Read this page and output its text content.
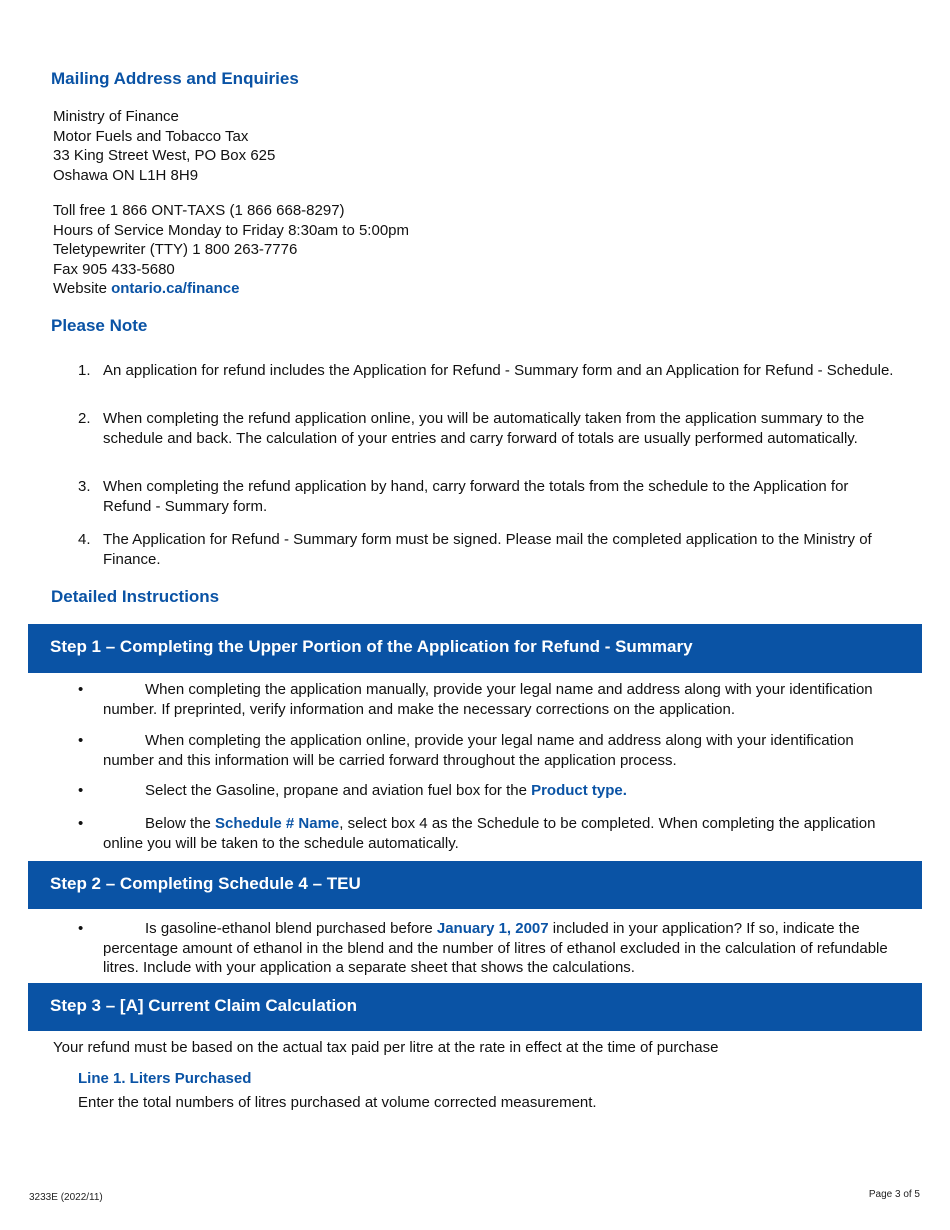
Mailing Address and Enquiries
Ministry of Finance
Motor Fuels and Tobacco Tax
33 King Street West, PO Box 625
Oshawa ON L1H 8H9
Toll free 1 866 ONT-TAXS (1 866 668-8297)
Hours of Service Monday to Friday 8:30am to 5:00pm
Teletypewriter (TTY) 1 800 263-7776
Fax 905 433-5680
Website ontario.ca/finance
Please Note
1. An application for refund includes the Application for Refund - Summary form and an Application for Refund - Schedule.
2. When completing the refund application online, you will be automatically taken from the application summary to the schedule and back. The calculation of your entries and carry forward of totals are usually performed automatically.
3. When completing the refund application by hand, carry forward the totals from the schedule to the Application for Refund - Summary form.
4. The Application for Refund - Summary form must be signed. Please mail the completed application to the Ministry of Finance.
Detailed Instructions
Step 1 – Completing the Upper Portion of the Application for Refund - Summary
•	When completing the application manually, provide your legal name and address along with your identification number. If preprinted, verify information and make the necessary corrections on the application.
•	When completing the application online, provide your legal name and address along with your identification number and this information will be carried forward throughout the application process.
•	Select the Gasoline, propane and aviation fuel box for the Product type.
•	Below the Schedule # Name, select box 4 as the Schedule to be completed. When completing the application online you will be taken to the schedule automatically.
Step 2 – Completing Schedule 4 – TEU
•	Is gasoline-ethanol blend purchased before January 1, 2007 included in your application? If so, indicate the percentage amount of ethanol in the blend and the number of litres of ethanol excluded in the calculation of refundable litres. Include with your application a separate sheet that shows the calculations.
Step 3 – [A] Current Claim Calculation
Your refund must be based on the actual tax paid per litre at the rate in effect at the time of purchase
Line 1. Liters Purchased
Enter the total numbers of litres purchased at volume corrected measurement.
3233E (2022/11)	Page 3 of 5
